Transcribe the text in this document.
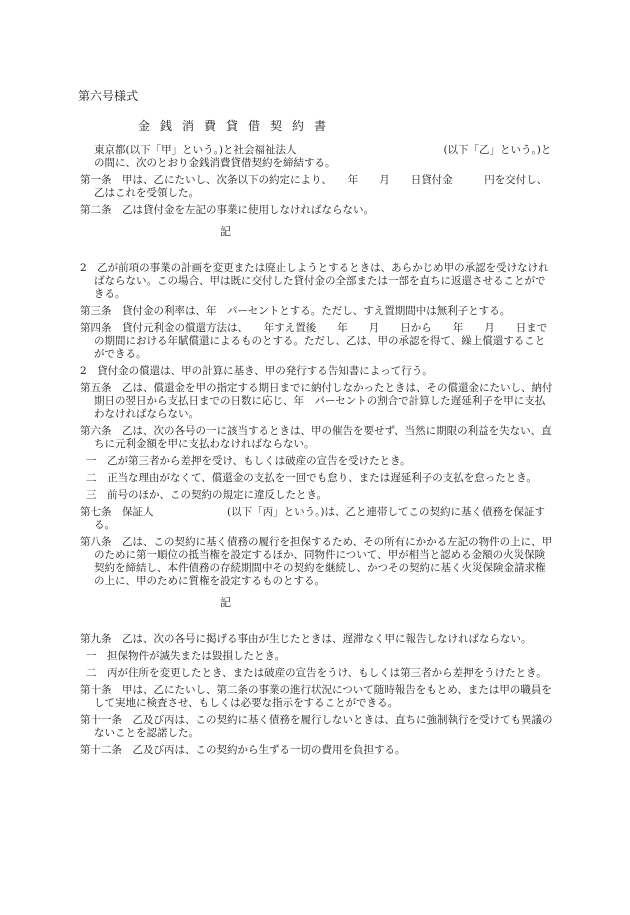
第六号様式
金銭消費貸借契約書

東京都(以下「甲」という。)と社会福祉法人　　　　　　　　　　　　　　(以下「乙」という。)との間に、次のとおり金銭消費貸借契約を締結する。

第一条　甲は、乙にたいし、次条以下の約定により、　　年　　月　　日貸付金　　　円を交付し、乙はこれを受領した。

第二条　乙は貸付金を左記の事業に使用しなければならない。

記

2　乙が前項の事業の計画を変更または廃止しようとするときは、あらかじめ甲の承認を受けなければならない。この場合、甲は既に交付した貸付金の全部または一部を直ちに返還させることができる。

第三条　貸付金の利率は、年　パーセントとする。ただし、すえ置期間中は無利子とする。

第四条　貸付元利金の償還方法は、　　年すえ置後　　年　　月　　日から　　年　　月　　日までの期間における年賦償還によるものとする。ただし、乙は、甲の承認を得て、繰上償還することができる。

2　貸付金の償還は、甲の計算に基き、甲の発行する告知書によって行う。

第五条　乙は、償還金を甲の指定する期日までに納付しなかったときは、その償還金にたいし、納付期日の翌日から支払日までの日数に応じ、年　パーセントの割合で計算した遅延利子を甲に支払わなければならない。

第六条　乙は、次の各号の一に該当するときは、甲の催告を要せず、当然に期限の利益を失ない、直ちに元利金額を甲に支払わなければならない。

一　乙が第三者から差押を受け、もしくは破産の宣告を受けたとき。

二　正当な理由がなくて、償還金の支払を一回でも怠り、または遅延利子の支払を怠ったとき。

三　前号のほか、この契約の規定に違反したとき。

第七条　保証人　　　　　　　(以下「丙」という。)は、乙と連帯してこの契約に基く債務を保証する。

第八条　乙は、この契約に基く債務の履行を担保するため、その所有にかかる左記の物件の上に、甲のために第一順位の抵当権を設定するほか、同物件について、甲が相当と認める金額の火災保険契約を締結し、本件債務の存続期間中その契約を継続し、かつその契約に基く火災保険金請求権の上に、甲のために質権を設定するものとする。

記

第九条　乙は、次の各号に掲げる事由が生じたときは、遅滞なく甲に報告しなければならない。

一　担保物件が滅失または毀損したとき。

二　丙が住所を変更したとき、または破産の宣告をうけ、もしくは第三者から差押をうけたとき。

第十条　甲は、乙にたいし、第二条の事業の進行状況について随時報告をもとめ、または甲の職員をして実地に検査させ、もしくは必要な指示をすることができる。

第十一条　乙及び丙は、この契約に基く債務を履行しないときは、直ちに強制執行を受けても異議のないことを認諾した。

第十二条　乙及び丙は、この契約から生ずる一切の費用を負担する。
